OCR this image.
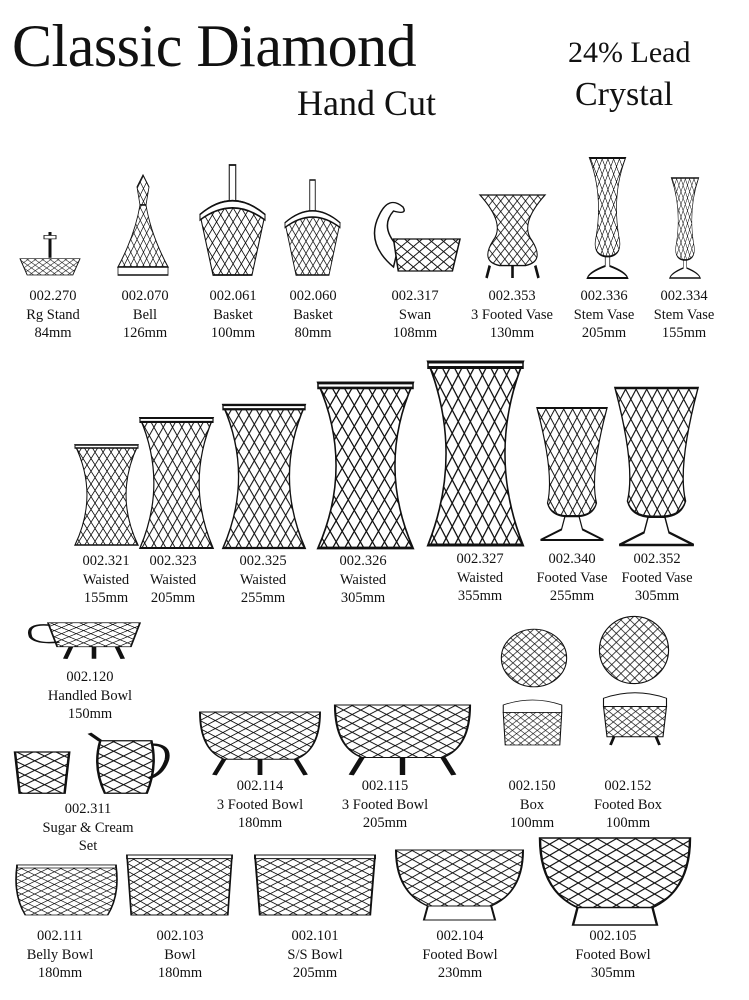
Classic Diamond
Hand Cut
24% Lead
Crystal
002.270
Rg Stand
84mm
002.070
Bell
126mm
002.061
Basket
100mm
002.060
Basket
80mm
002.317
Swan
108mm
002.353
3 Footed Vase
130mm
002.336
Stem Vase
205mm
002.334
Stem Vase
155mm
002.321
Waisted
155mm
002.323
Waisted
205mm
002.325
Waisted
255mm
002.326
Waisted
305mm
002.327
Waisted
355mm
002.340
Footed Vase
255mm
002.352
Footed Vase
305mm
002.120
Handled Bowl
150mm
002.311
Sugar & Cream
Set
002.114
3 Footed Bowl
180mm
002.115
3 Footed Bowl
205mm
002.150
Box
100mm
002.152
Footed Box
100mm
002.111
Belly Bowl
180mm
002.103
Bowl
180mm
002.101
S/S Bowl
205mm
002.104
Footed Bowl
230mm
002.105
Footed Bowl
305mm
